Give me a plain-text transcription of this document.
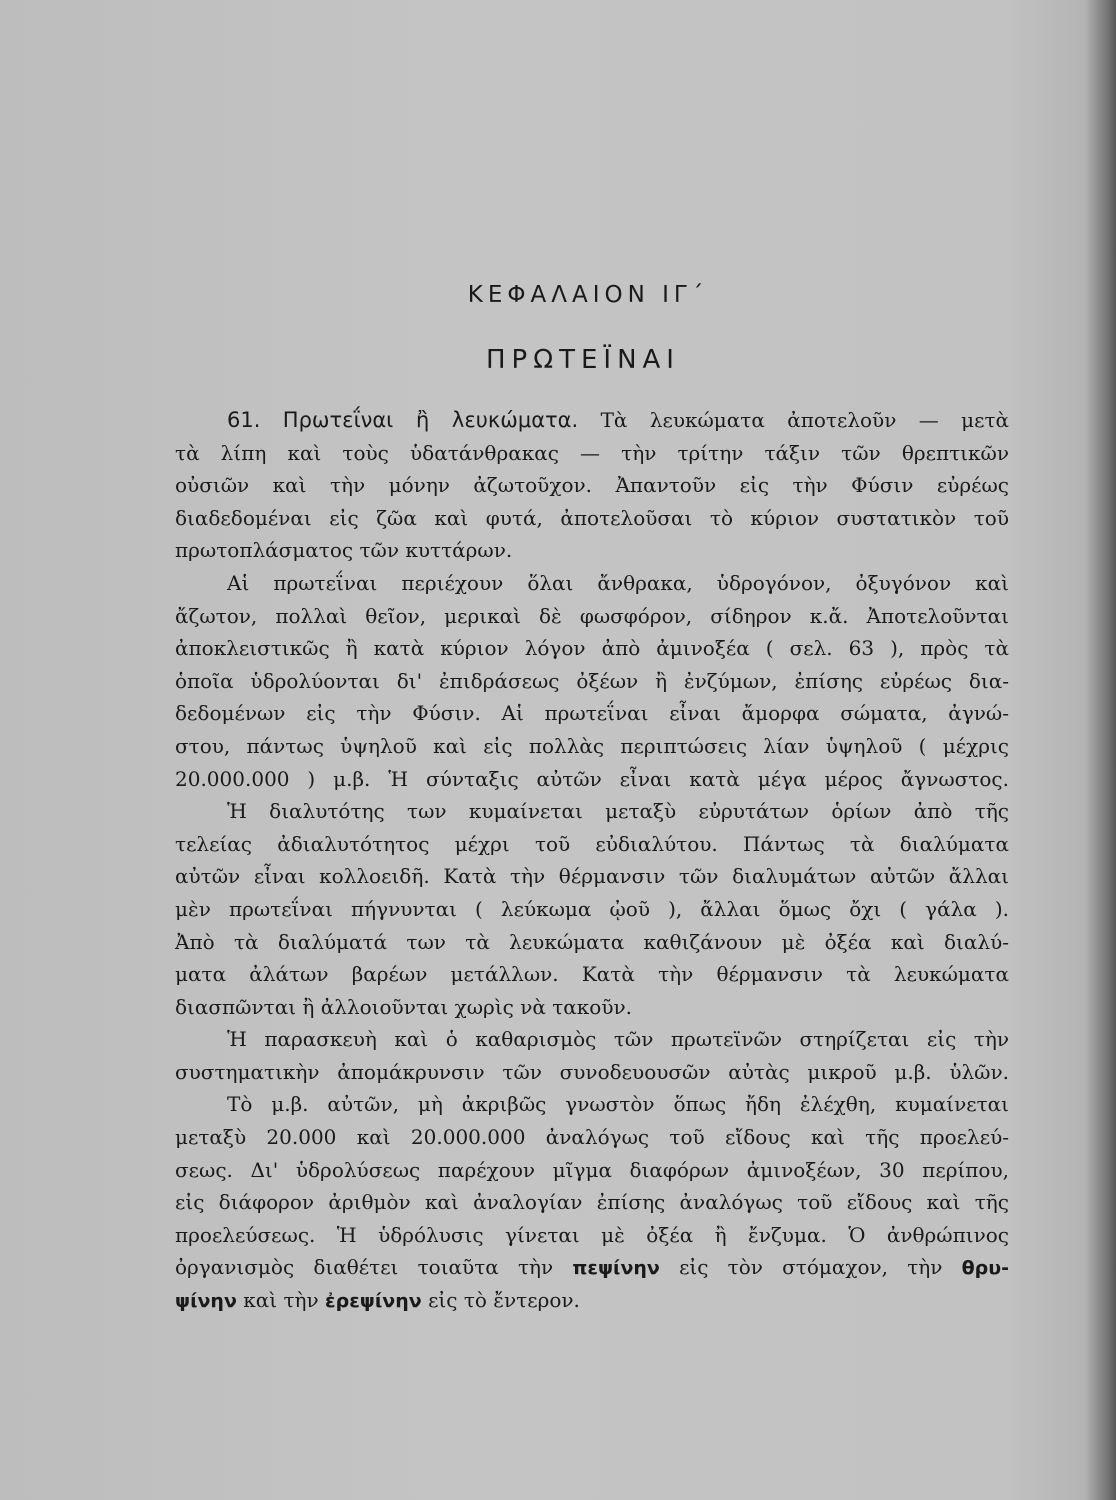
ΚΕΦΑΛΑΙΟΝ ΙΓ΄
ΠΡΩΤΕΪΝΑΙ
61. Πρωτεΐναι ἢ λευκώματα. Τὰ λευκώματα ἀποτελοῦν — μετὰ
τὰ λίπη καὶ τοὺς ὑδατάνθρακας — τὴν τρίτην τάξιν τῶν θρεπτικῶν
οὐσιῶν καὶ τὴν μόνην ἀζωτοῦχον. Ἀπαντοῦν εἰς τὴν Φύσιν εὐρέως
διαδεδομέναι εἰς ζῶα καὶ φυτά, ἀποτελοῦσαι τὸ κύριον συστατικὸν τοῦ
πρωτοπλάσματος τῶν κυττάρων.
Αἱ πρωτεΐναι περιέχουν ὅλαι ἄνθρακα, ὑδρογόνον, ὀξυγόνον καὶ
ἄζωτον, πολλαὶ θεῖον, μερικαὶ δὲ φωσφόρον, σίδηρον κ.ἄ. Ἀποτελοῦνται
ἀποκλειστικῶς ἢ κατὰ κύριον λόγον ἀπὸ ἀμινοξέα ( σελ. 63 ), πρὸς τὰ
ὁποῖα ὑδρολύονται δι' ἐπιδράσεως ὀξέων ἢ ἐνζύμων, ἐπίσης εὐρέως δια-
δεδομένων εἰς τὴν Φύσιν. Αἱ πρωτεΐναι εἶναι ἄμορφα σώματα, ἀγνώ-
στου, πάντως ὑψηλοῦ καὶ εἰς πολλὰς περιπτώσεις λίαν ὑψηλοῦ ( μέχρις
20.000.000 ) μ.β. Ἡ σύνταξις αὐτῶν εἶναι κατὰ μέγα μέρος ἄγνωστος.
Ἡ διαλυτότης των κυμαίνεται μεταξὺ εὐρυτάτων ὁρίων ἀπὸ τῆς
τελείας ἀδιαλυτότητος μέχρι τοῦ εὐδιαλύτου. Πάντως τὰ διαλύματα
αὐτῶν εἶναι κολλοειδῆ. Κατὰ τὴν θέρμανσιν τῶν διαλυμάτων αὐτῶν ἄλλαι
μὲν πρωτεΐναι πήγνυνται ( λεύκωμα ᾠοῦ ), ἄλλαι ὅμως ὄχι ( γάλα ).
Ἀπὸ τὰ διαλύματά των τὰ λευκώματα καθιζάνουν μὲ ὀξέα καὶ διαλύ-
ματα ἀλάτων βαρέων μετάλλων. Κατὰ τὴν θέρμανσιν τὰ λευκώματα
διασπῶνται ἢ ἀλλοιοῦνται χωρὶς νὰ τακοῦν.
Ἡ παρασκευὴ καὶ ὁ καθαρισμὸς τῶν πρωτεϊνῶν στηρίζεται εἰς τὴν
συστηματικὴν ἀπομάκρυνσιν τῶν συνοδευουσῶν αὐτὰς μικροῦ μ.β. ὑλῶν.
Τὸ μ.β. αὐτῶν, μὴ ἀκριβῶς γνωστὸν ὅπως ἤδη ἐλέχθη, κυμαίνεται
μεταξὺ 20.000 καὶ 20.000.000 ἀναλόγως τοῦ εἴδους καὶ τῆς προελεύ-
σεως. Δι' ὑδρολύσεως παρέχουν μῖγμα διαφόρων ἀμινοξέων, 30 περίπου,
εἰς διάφορον ἀριθμὸν καὶ ἀναλογίαν ἐπίσης ἀναλόγως τοῦ εἴδους καὶ τῆς
προελεύσεως. Ἡ ὑδρόλυσις γίνεται μὲ ὀξέα ἢ ἔνζυμα. Ὁ ἀνθρώπινος
ὀργανισμὸς διαθέτει τοιαῦτα τὴν πεψίνην εἰς τὸν στόμαχον, τὴν θρυ-
ψίνην καὶ τὴν ἐρεψίνην εἰς τὸ ἔντερον.
